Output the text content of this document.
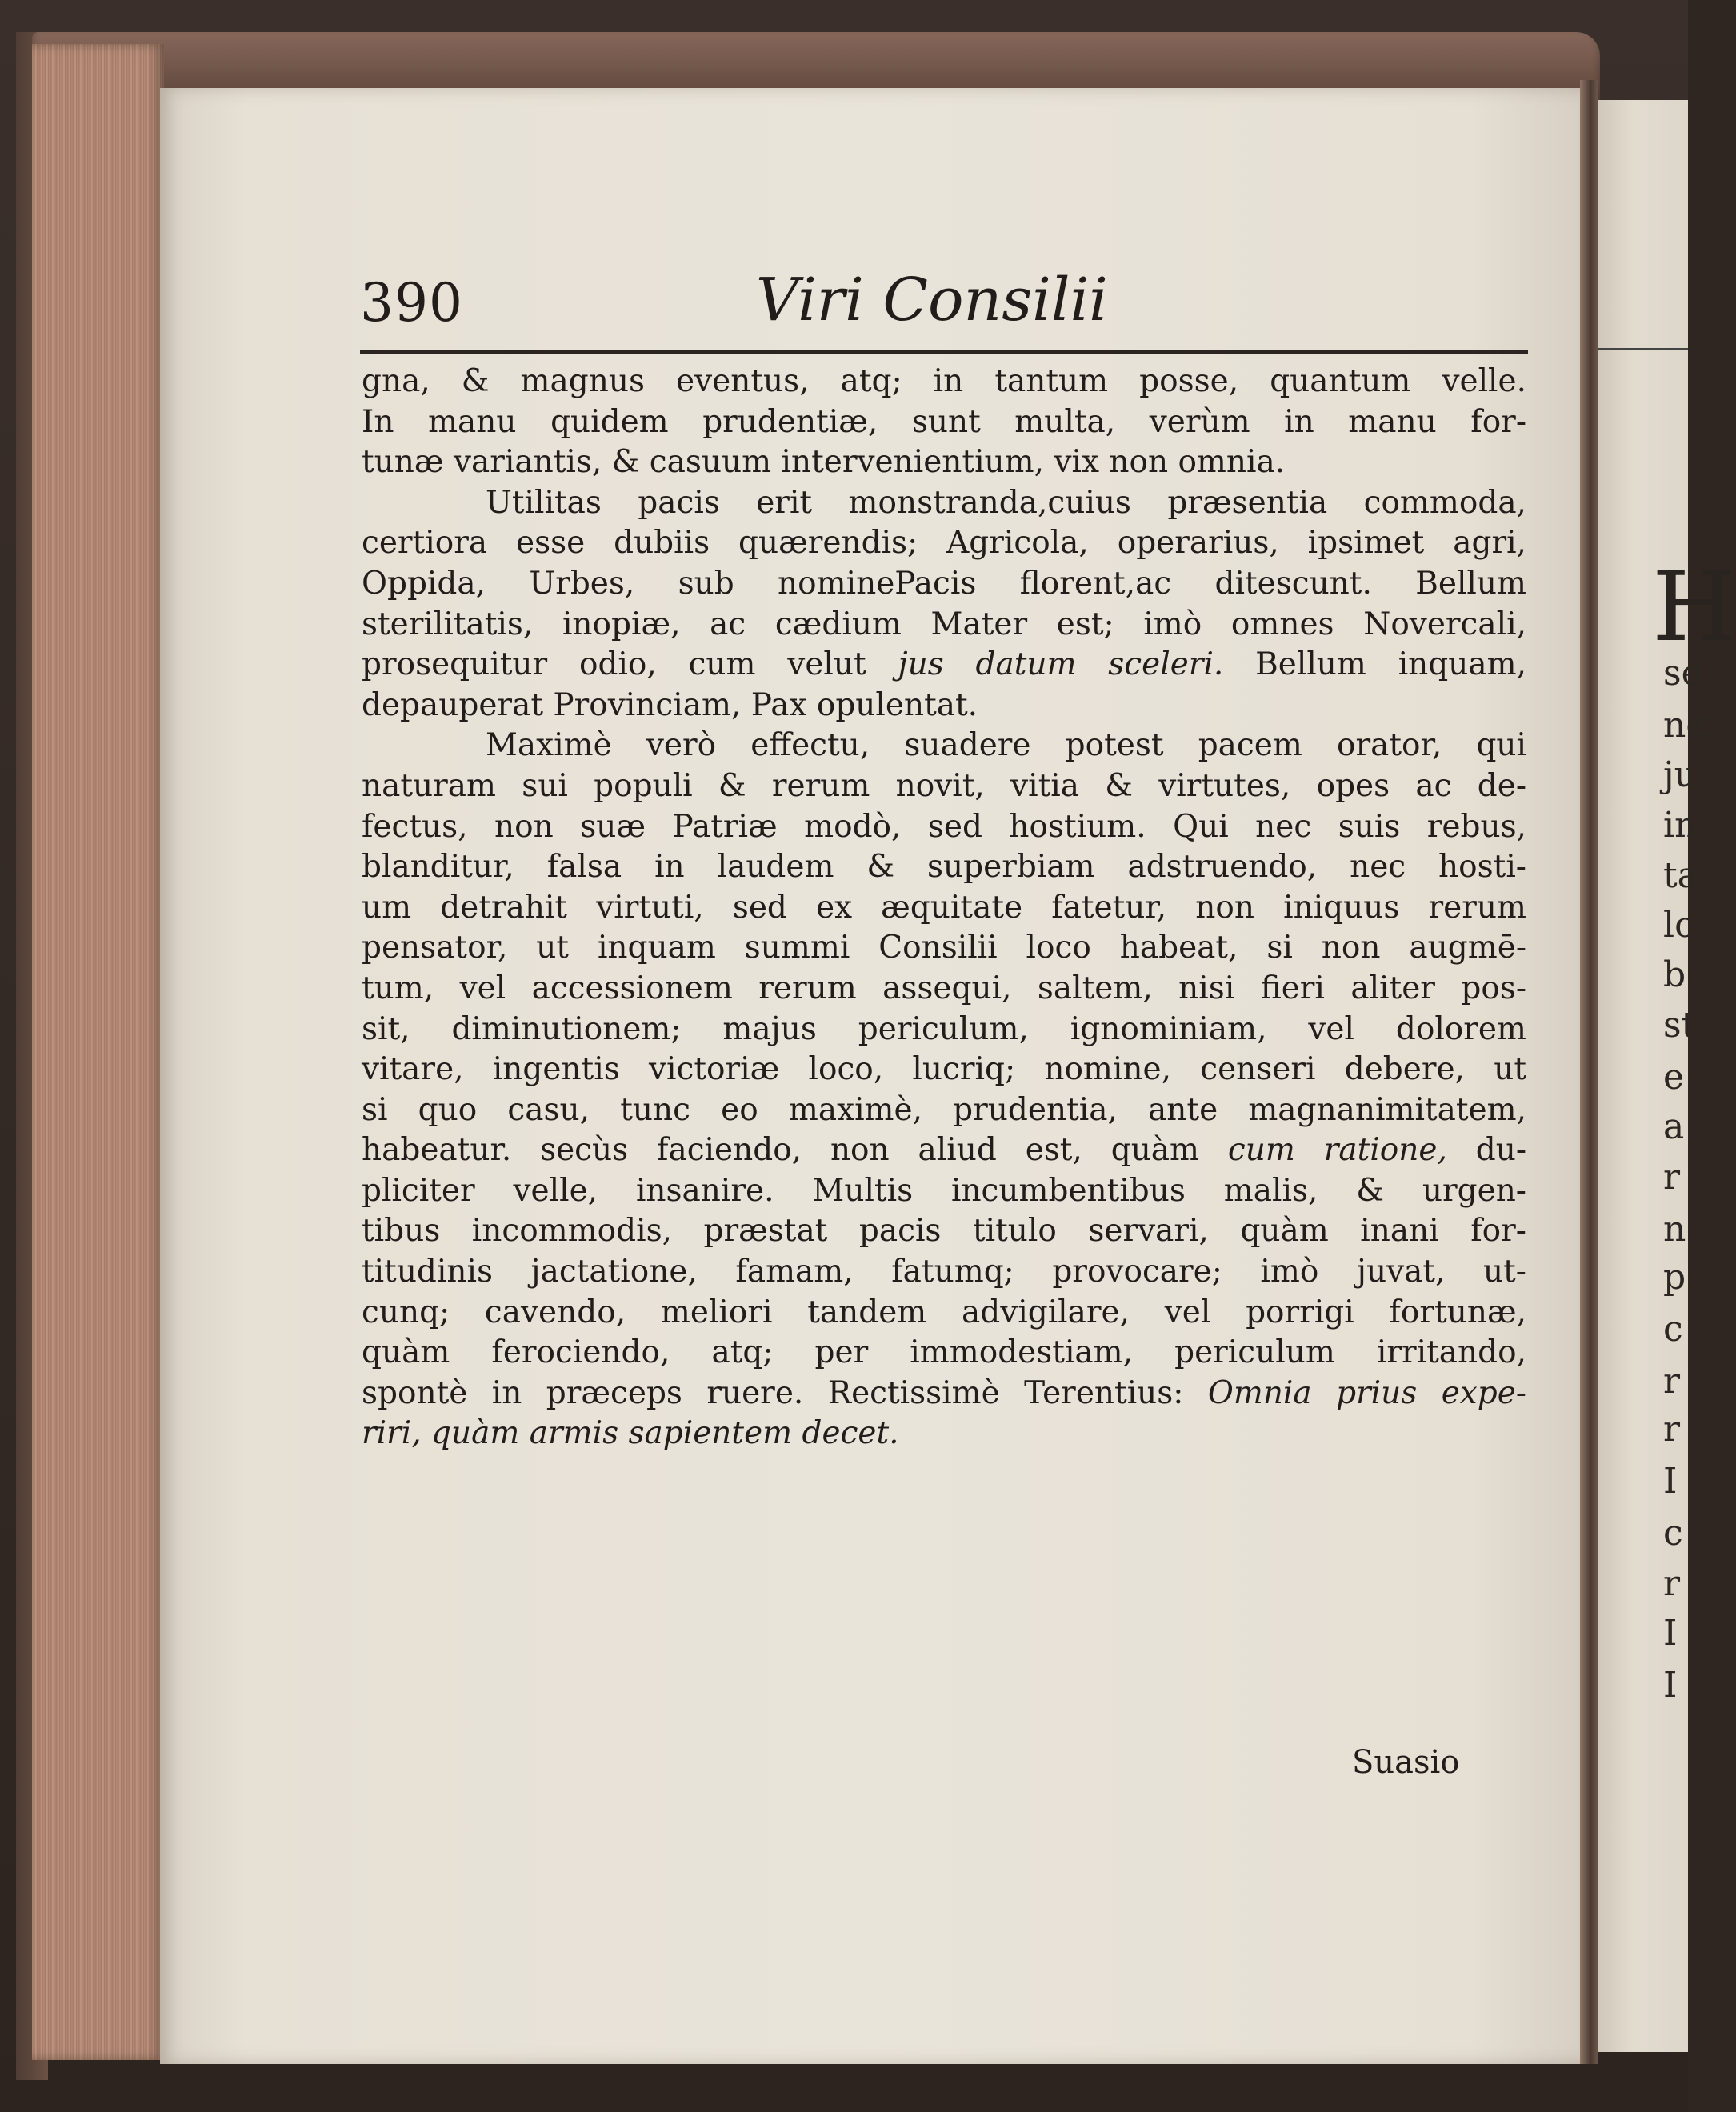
H
se
ne
ju
in
ta
lc
b
st
e
a
r
n
p
c
r
r
I
c
r
I
I
390	Viri Consilii
gna, & magnus eventus, atq; in tantum posse, quantum velle.
In manu quidem prudentiæ, sunt multa, verùm in manu for-
tunæ variantis, & casuum intervenientium, vix non omnia.
Utilitas pacis erit monstranda,cuius præsentia commoda,
certiora esse dubiis quærendis; Agricola, operarius, ipsimet agri,
Oppida, Urbes, sub nominePacis florent,ac ditescunt. Bellum
sterilitatis, inopiæ, ac cædium Mater est; imò omnes Novercali,
prosequitur odio, cum velut jus datum sceleri. Bellum inquam,
depauperat Provinciam, Pax opulentat.
Maximè verò effectu, suadere potest pacem orator, qui
naturam sui populi & rerum novit, vitia & virtutes, opes ac de-
fectus, non suæ Patriæ modò, sed hostium. Qui nec suis rebus,
blanditur, falsa in laudem & superbiam adstruendo, nec hosti-
um detrahit virtuti, sed ex æquitate fatetur, non iniquus rerum
pensator, ut inquam summi Consilii loco habeat, si non augmē-
tum, vel accessionem rerum assequi, saltem, nisi fieri aliter pos-
sit, diminutionem; majus periculum, ignominiam, vel dolorem
vitare, ingentis victoriæ loco, lucriq; nomine, censeri debere, ut
si quo casu, tunc eo maximè, prudentia, ante magnanimitatem,
habeatur. secùs faciendo, non aliud est, quàm cum ratione, du-
pliciter velle, insanire. Multis incumbentibus malis, & urgen-
tibus incommodis, præstat pacis titulo servari, quàm inani for-
titudinis jactatione, famam, fatumq; provocare; imò juvat, ut-
cunq; cavendo, meliori tandem advigilare, vel porrigi fortunæ,
quàm ferociendo, atq; per immodestiam, periculum irritando,
spontè in præceps ruere. Rectissimè Terentius: Omnia prius expe-
riri, quàm armis sapientem decet.
Suasio
